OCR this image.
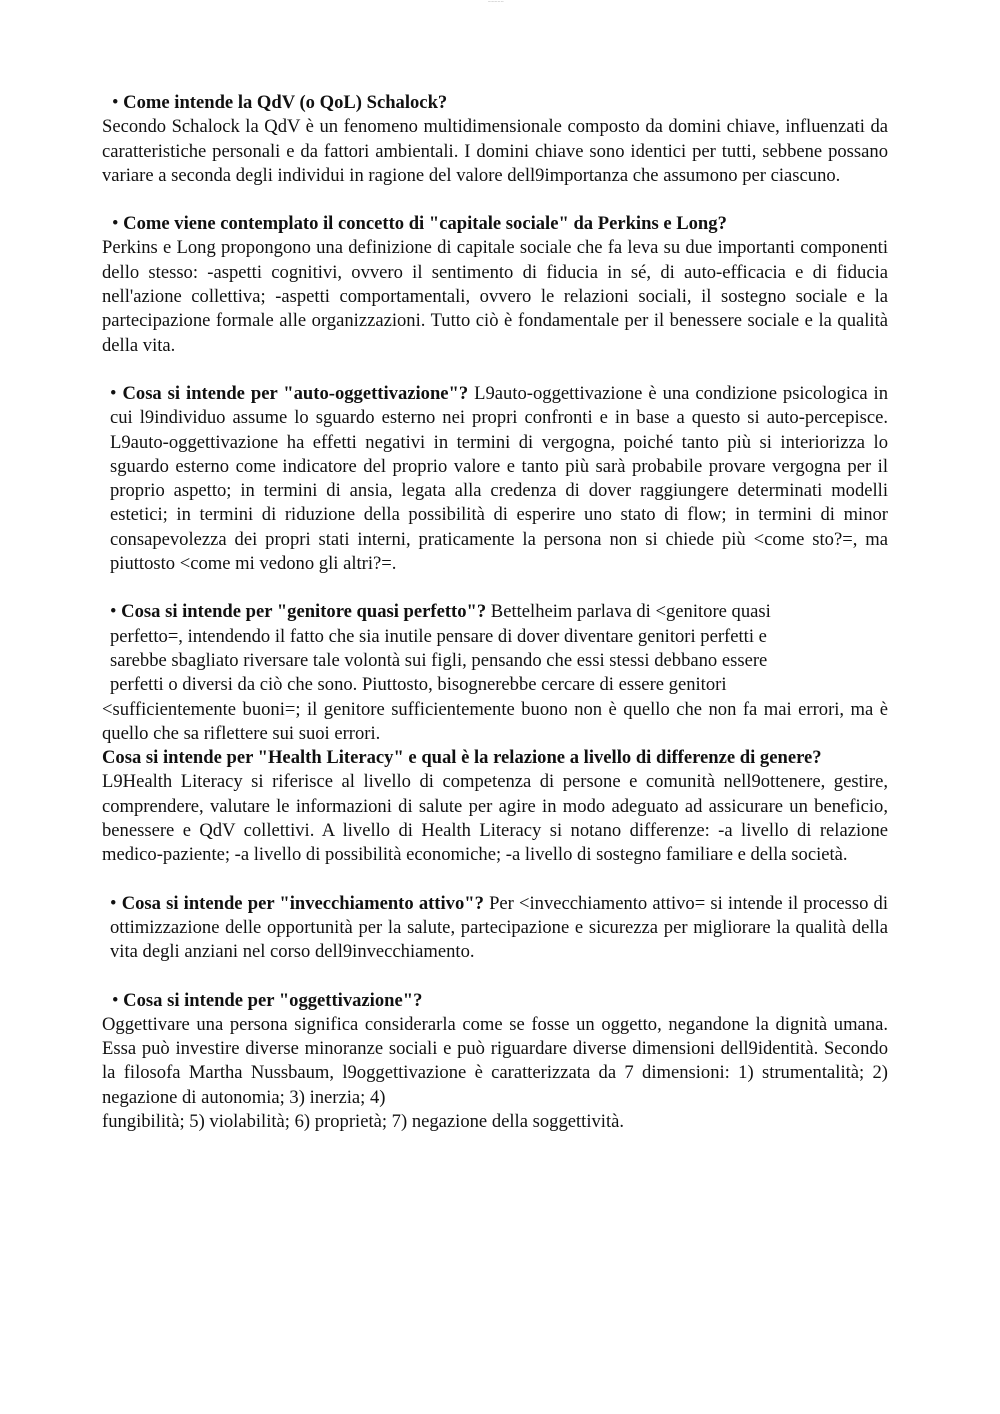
~~~~~

• Come intende la QdV (o QoL) Schalock?

Secondo Schalock la QdV è un fenomeno multidimensionale composto da domini chiave, influenzati da caratteristiche personali e da fattori ambientali. I domini chiave sono identici per tutti, sebbene possano variare a seconda degli individui in ragione del valore dell9importanza che assumono per ciascuno.

• Come viene contemplato il concetto di "capitale sociale" da Perkins e Long?

Perkins e Long propongono una definizione di capitale sociale che fa leva su due importanti componenti dello stesso: -aspetti cognitivi, ovvero il sentimento di fiducia in sé, di auto-efficacia e di fiducia nell'azione collettiva; -aspetti comportamentali, ovvero le relazioni sociali, il sostegno sociale e la partecipazione formale alle organizzazioni. Tutto ciò è fondamentale per il benessere sociale e la qualità della vita.

• Cosa si intende per "auto-oggettivazione"? L9auto-oggettivazione è una condizione psicologica in cui l9individuo assume lo sguardo esterno nei propri confronti e in base a questo si auto-percepisce. L9auto-oggettivazione ha effetti negativi in termini di vergogna, poiché tanto più si interiorizza lo sguardo esterno come indicatore del proprio valore e tanto più sarà probabile provare vergogna per il proprio aspetto; in termini di ansia, legata alla credenza di dover raggiungere determinati modelli estetici; in termini di riduzione della possibilità di esperire uno stato di flow; in termini di minor consapevolezza dei propri stati interni, praticamente la persona non si chiede più <come sto?=, ma piuttosto <come mi vedono gli altri?=.

• Cosa si intende per "genitore quasi perfetto"? Bettelheim parlava di <genitore quasi
perfetto=, intendendo il fatto che sia inutile pensare di dover diventare genitori perfetti e
sarebbe sbagliato riversare tale volontà sui figli, pensando che essi stessi debbano essere
perfetti o diversi da ciò che sono. Piuttosto, bisognerebbe cercare di essere genitori

<sufficientemente buoni=; il genitore sufficientemente buono non è quello che non fa mai errori, ma è quello che sa riflettere sui suoi errori.

Cosa si intende per "Health Literacy" e qual è la relazione a livello di differenze di genere?

L9Health Literacy si riferisce al livello di competenza di persone e comunità nell9ottenere, gestire, comprendere, valutare le informazioni di salute per agire in modo adeguato ad assicurare un beneficio, benessere e QdV collettivi. A livello di Health Literacy si notano differenze: -a livello di relazione medico-paziente; -a livello di possibilità economiche; -a livello di sostegno familiare e della società.

• Cosa si intende per "invecchiamento attivo"? Per <invecchiamento attivo= si intende il processo di ottimizzazione delle opportunità per la salute, partecipazione e sicurezza per migliorare la qualità della vita degli anziani nel corso dell9invecchiamento.

• Cosa si intende per "oggettivazione"?

Oggettivare una persona significa considerarla come se fosse un oggetto, negandone la dignità umana. Essa può investire diverse minoranze sociali e può riguardare diverse dimensioni dell9identità. Secondo la filosofa Martha Nussbaum, l9oggettivazione è caratterizzata da 7 dimensioni: 1) strumentalità; 2) negazione di autonomia; 3) inerzia; 4)

fungibilità; 5) violabilità; 6) proprietà; 7) negazione della soggettività.
